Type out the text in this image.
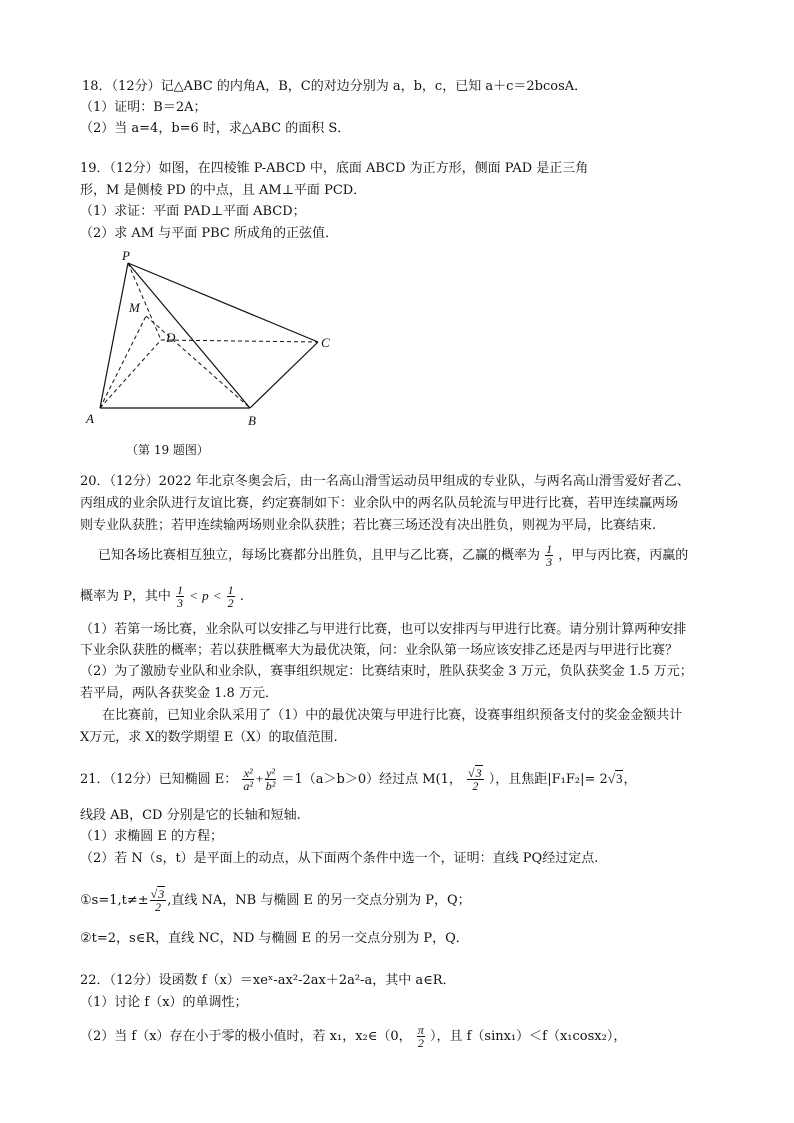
18．（12分）记△ABC 的内角A，B，C的对边分别为 a，b，c，已知 a＋c＝2bcosA．
（1）证明：B＝2A；
（2）当 a=4，b=6 时，求△ABC 的面积 S．
19．（12分）如图，在四棱锥 P-ABCD 中，底面 ABCD 为正方形，侧面 PAD 是正三角
形，M 是侧棱 PD 的中点，且 AM⊥平面 PCD．
（1）求证：平面 PAD⊥平面 ABCD；
（2）求 AM 与平面 PBC 所成角的正弦值．
P
M
D	C
A	B
（第 19 题图）
20．（12分）2022 年北京冬奥会后，由一名高山滑雪运动员甲组成的专业队，与两名高山滑雪爱好者乙、
丙组成的业余队进行友谊比赛，约定赛制如下：业余队中的两名队员轮流与甲进行比赛，若甲连续赢两场
则专业队获胜；若甲连续输两场则业余队获胜；若比赛三场还没有决出胜负，则视为平局，比赛结束.
已知各场比赛相互独立，每场比赛都分出胜负，且甲与乙比赛，乙赢的概率为 $\frac{1}{3}$ ，甲与丙比赛，丙赢的
概率为 P，其中 $\frac{1}{3} < p < \frac{1}{2}$ .
（1）若第一场比赛，业余队可以安排乙与甲进行比赛，也可以安排丙与甲进行比赛。请分别计算两种安排
下业余队获胜的概率；若以获胜概率大为最优决策，问：业余队第一场应该安排乙还是丙与甲进行比赛？
（2）为了激励专业队和业余队，赛事组织规定：比赛结束时，胜队获奖金 3 万元，负队获奖金 1.5 万元；
若平局，两队各获奖金 1.8 万元．
在比赛前，已知业余队采用了（1）中的最优决策与甲进行比赛，设赛事组织预备支付的奖金金额共计
X万元，求 X的数学期望 E（X）的取值范围.
21．（12分）已知椭圆 E： $\frac{\text{x²}}{\text{a²}} + \frac{\text{y²}}{\text{b²}} =1(a>b>0)$经过点 M(1， $\frac{√3}{2}$ ），且焦距|F₁F₂|= 2√3，
线段 AB，CD 分别是它的长轴和短轴.
（1）求椭圆 E 的方程；
（2）若 N（s，t）是平面上的动点，从下面两个条件中选一个，证明：直线 PQ经过定点.
①s=1,t≠± $\frac{√3}{2}$ ,直线 NA，NB 与椭圆 E 的另一交点分别为 P，Q；
②t=2，s∈R，直线 NC，ND 与椭圆 E 的另一交点分别为 P，Q．
22．（12分）设函数 f（x）＝xeˣ-ax²-2ax＋2a²-a，其中 a∈R．
（1）讨论 f（x）的单调性；
（2）当 f（x）存在小于零的极小值时，若 x₁，x₂∈（0， $\frac{\pi}{2}$ ），且 f（sinx₁）＜f（x₁cosx₂），
